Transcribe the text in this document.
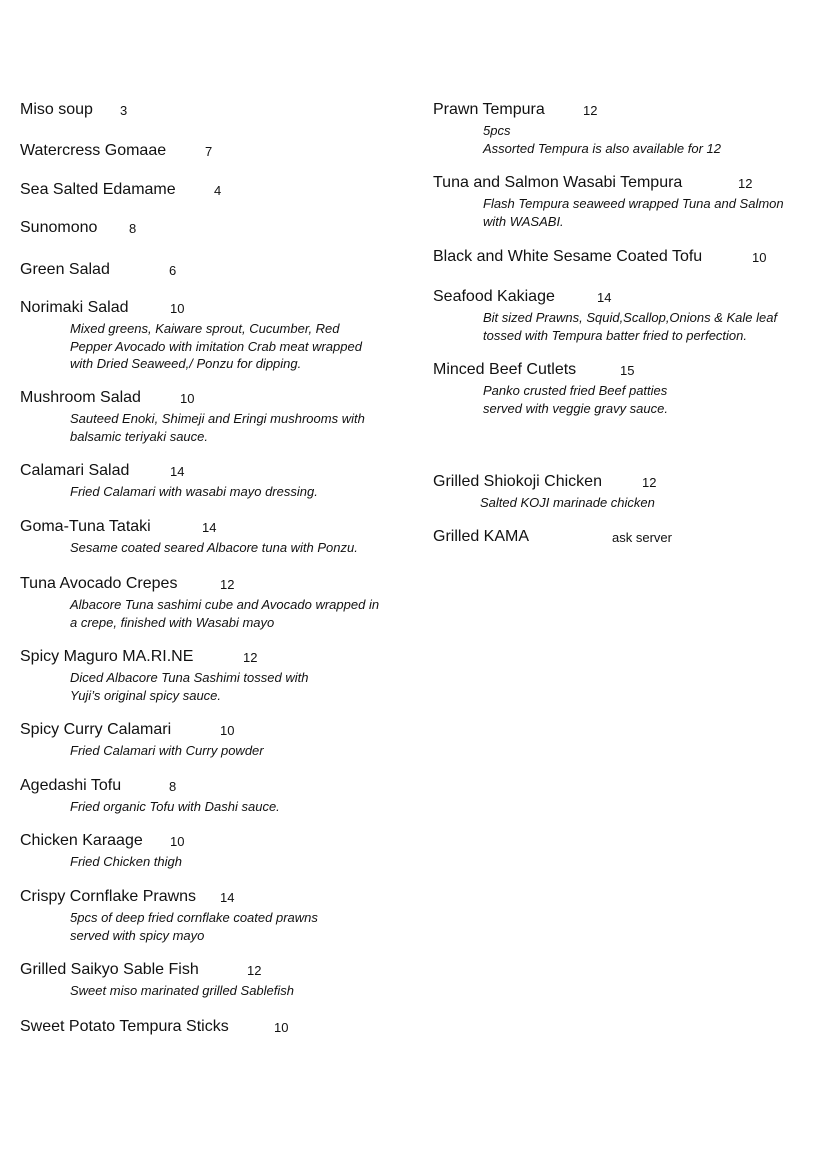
Miso soup 3
Watercress Gomaae	7
Sea Salted Edamame	4
Sunomono 8
Green Salad	6
Norimaki Salad	10
Mixed greens, Kaiware sprout, Cucumber, Red
Pepper Avocado with imitation Crab meat wrapped
with Dried Seaweed,/ Ponzu for dipping.
Mushroom Salad	10
Sauteed Enoki, Shimeji and Eringi mushrooms with
balsamic teriyaki sauce.
Calamari Salad	14
Fried Calamari with wasabi mayo dressing.
Goma-Tuna Tataki	14
Sesame coated seared Albacore tuna with Ponzu.
Tuna Avocado Crepes	12
Albacore Tuna sashimi cube and Avocado wrapped in
a crepe, finished with Wasabi mayo
Spicy Maguro MA.RI.NE	12
Diced Albacore Tuna Sashimi tossed with
Yuji’s original spicy sauce.
Spicy Curry Calamari	10
Fried Calamari with Curry powder
Agedashi Tofu	8
Fried organic Tofu with Dashi sauce.
Chicken Karaage 10
Fried Chicken thigh
Crispy Cornflake Prawns 14
5pcs of deep fried cornflake coated prawns
served with spicy mayo
Grilled Saikyo Sable Fish	12
Sweet miso marinated grilled Sablefish
Sweet Potato Tempura Sticks	10
Prawn Tempura	12
5pcs
Assorted Tempura is also available for 12
Tuna and Salmon Wasabi Tempura	12
Flash Tempura seaweed wrapped Tuna and Salmon
with WASABI.
Black and White Sesame Coated Tofu	10
Seafood Kakiage	14
Bit sized Prawns, Squid,Scallop,Onions & Kale leaf
tossed with Tempura batter fried to perfection.
Minced Beef Cutlets	15
Panko crusted fried Beef patties
served with veggie gravy sauce.
Grilled Shiokoji Chicken	12
Salted KOJI marinade chicken
Grilled KAMA	ask server
